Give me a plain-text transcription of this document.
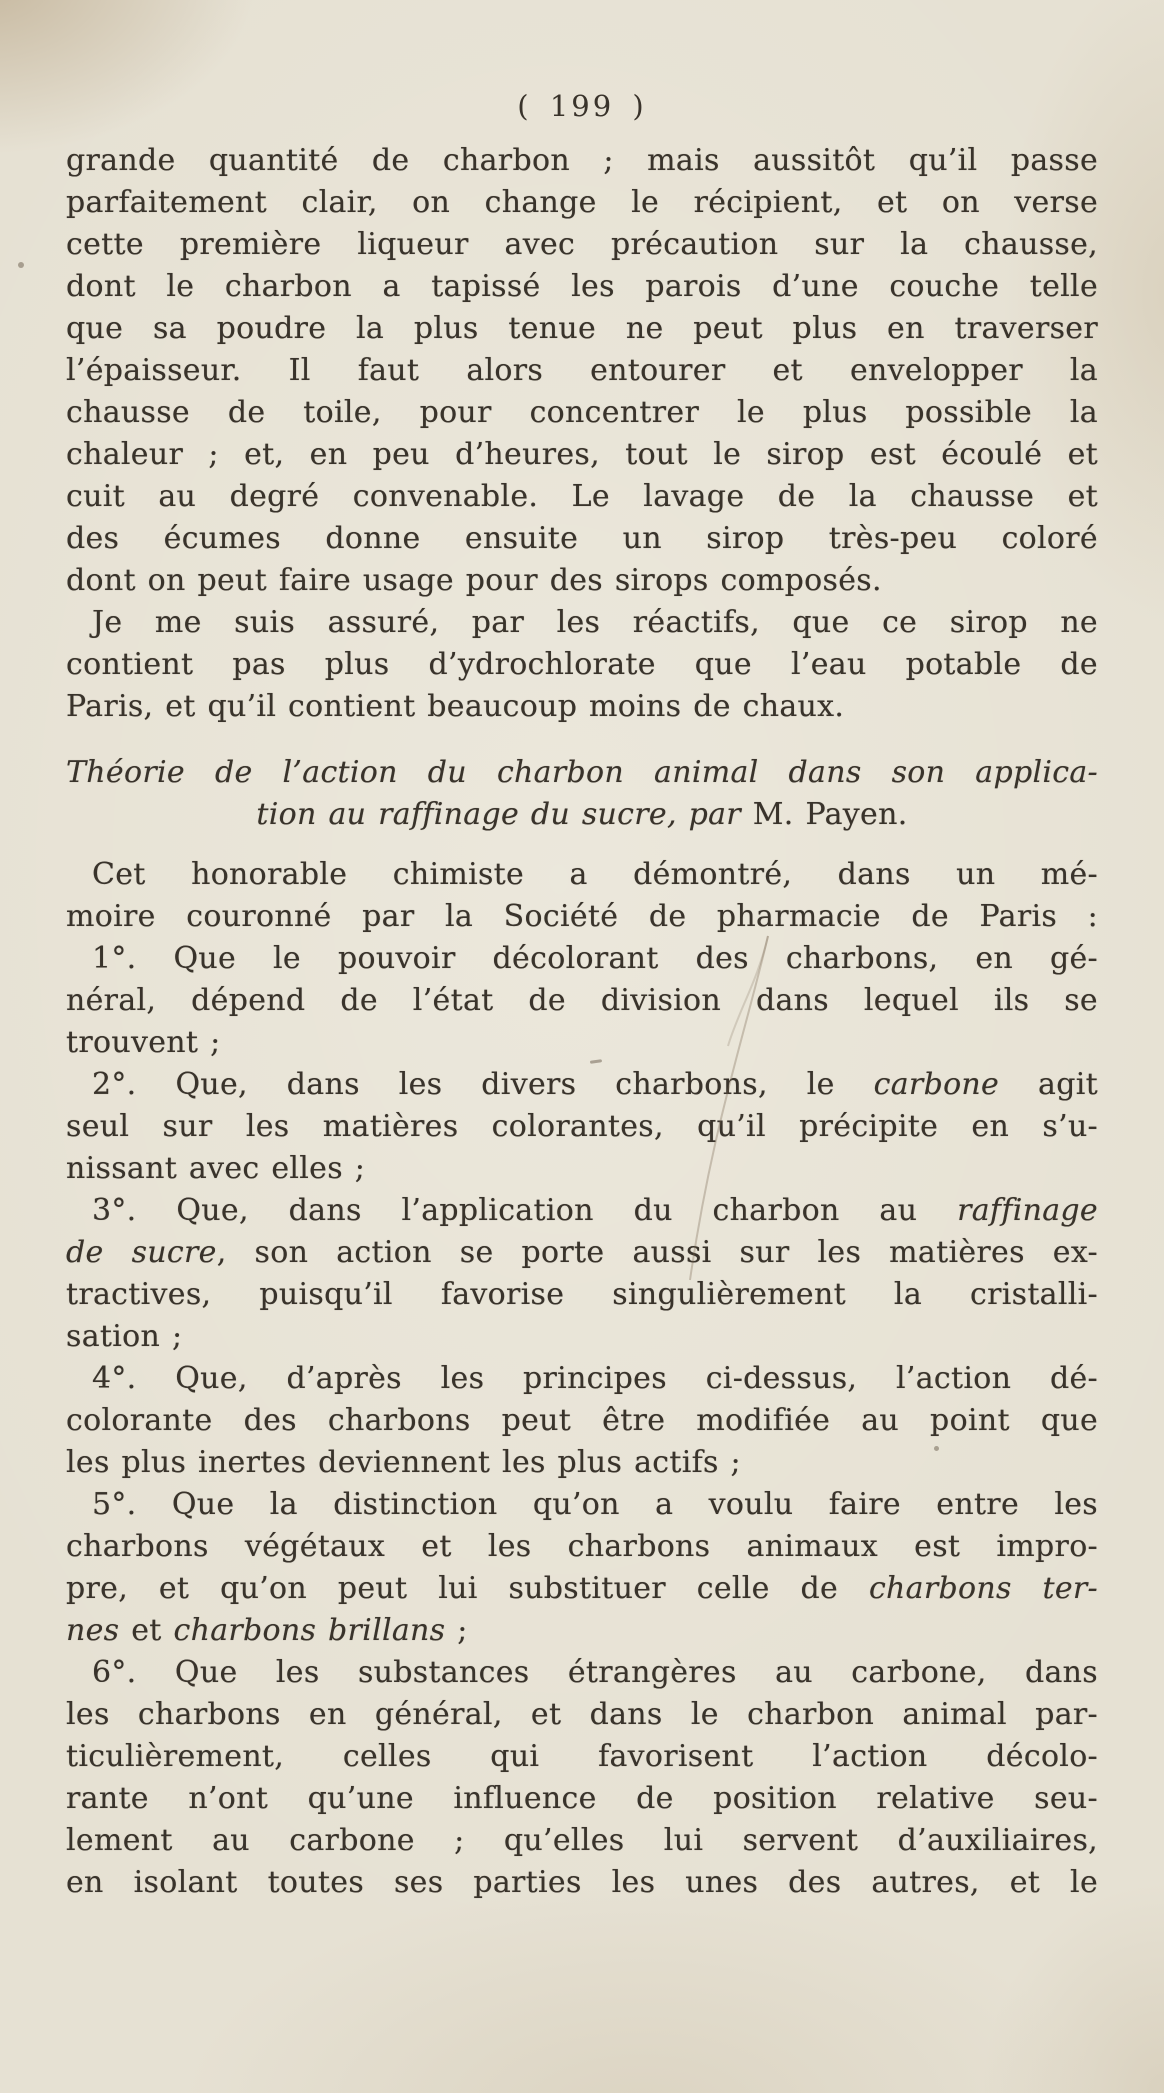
( 199 )
grande quantité de charbon ; mais aussitôt qu’il passe
parfaitement clair, on change le récipient, et on verse
cette première liqueur avec précaution sur la chausse,
dont le charbon a tapissé les parois d’une couche telle
que sa poudre la plus tenue ne peut plus en traverser
l’épaisseur. Il faut alors entourer et envelopper la
chausse de toile, pour concentrer le plus possible la
chaleur ; et, en peu d’heures, tout le sirop est écoulé et
cuit au degré convenable. Le lavage de la chausse et
des écumes donne ensuite un sirop très-peu coloré
dont on peut faire usage pour des sirops composés.
Je me suis assuré, par les réactifs, que ce sirop ne
contient pas plus d’ydrochlorate que l’eau potable de
Paris, et qu’il contient beaucoup moins de chaux.
Théorie de l’action du charbon animal dans son applica-
tion au raffinage du sucre, par M. Payen.
Cet honorable chimiste a démontré, dans un mé-
moire couronné par la Société de pharmacie de Paris :
1°. Que le pouvoir décolorant des charbons, en gé-
néral, dépend de l’état de division dans lequel ils se
trouvent ;
2°. Que, dans les divers charbons, le carbone agit
seul sur les matières colorantes, qu’il précipite en s’u-
nissant avec elles ;
3°. Que, dans l’application du charbon au raffinage
de sucre, son action se porte aussi sur les matières ex-
tractives, puisqu’il favorise singulièrement la cristalli-
sation ;
4°. Que, d’après les principes ci-dessus, l’action dé-
colorante des charbons peut être modifiée au point que
les plus inertes deviennent les plus actifs ;
5°. Que la distinction qu’on a voulu faire entre les
charbons végétaux et les charbons animaux est impro-
pre, et qu’on peut lui substituer celle de charbons ter-
nes et charbons brillans ;
6°. Que les substances étrangères au carbone, dans
les charbons en général, et dans le charbon animal par-
ticulièrement, celles qui favorisent l’action décolo-
rante n’ont qu’une influence de position relative seu-
lement au carbone ; qu’elles lui servent d’auxiliaires,
en isolant toutes ses parties les unes des autres, et le
